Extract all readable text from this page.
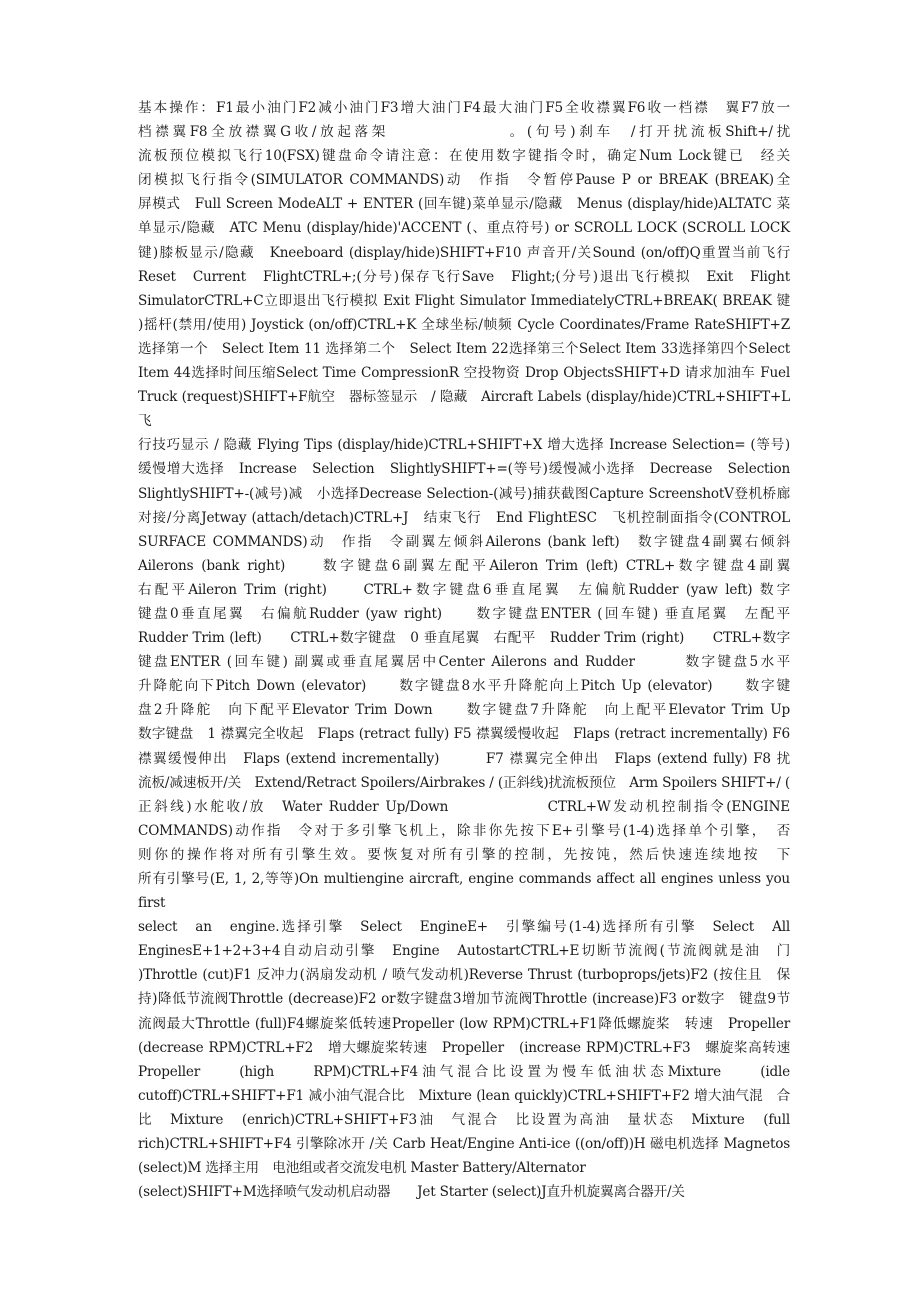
基本操作：F1最小油门F2减小油门F3增大油门F4最大油门F5全收襟翼F6收一档襟　翼F7放一

档襟翼F8全放襟翼G收/放起落架　　　　　　　。(句号)刹车　/打开扰流板Shift+/扰

流板预位模拟飞行10(FSX)键盘命令请注意：在使用数字键指令时，确定Num Lock键已　经关

闭模拟飞行指令(SIMULATOR COMMANDS)动　作指　令暂停Pause P or BREAK (BREAK)全

屏模式　Full Screen ModeALT + ENTER (回车键)菜单显示/隐藏　Menus (display/hide)ALTATC 菜

单显示/隐藏　ATC Menu (display/hide)'ACCENT (、重点符号) or SCROLL LOCK (SCROLL LOCK

键)膝板显示/隐藏　Kneeboard (display/hide)SHIFT+F10 声音开/关Sound (on/off)Q重置当前飞行

Reset　Current　FlightCTRL+;(分号)保存飞行Save　Flight;(分号)退出飞行模拟　Exit　Flight

SimulatorCTRL+C立即退出飞行模拟 Exit Flight Simulator ImmediatelyCTRL+BREAK( BREAK 键

)摇杆(禁用/使用) Joystick (on/off)CTRL+K 全球坐标/帧频 Cycle Coordinates/Frame RateSHIFT+Z

选择第一个　Select Item 11 选择第二个　Select Item 22选择第三个Select Item 33选择第四个Select

Item 44选择时间压缩Select Time CompressionR 空投物资 Drop ObjectsSHIFT+D 请求加油车 Fuel

Truck (request)SHIFT+F航空　器标签显示　/ 隐藏　Aircraft Labels (display/hide)CTRL+SHIFT+L 飞

行技巧显示 / 隐藏 Flying Tips (display/hide)CTRL+SHIFT+X 增大选择 Increase Selection= (等号)

缓慢增大选择　Increase　Selection　SlightlySHIFT+=(等号)缓慢减小选择　Decrease　Selection

SlightlySHIFT+-(减号)减　小选择Decrease Selection-(减号)捕获截图Capture ScreenshotV登机桥廊

对接/分离Jetway (attach/detach)CTRL+J　结束飞行　End FlightESC　飞机控制面指令(CONTROL

SURFACE COMMANDS)动　作指　令副翼左倾斜Ailerons (bank left)　数字键盘4副翼右倾斜

Ailerons (bank right)　　数字键盘6副翼左配平Aileron Trim (left) CTRL+数字键盘4副翼

右配平Aileron Trim (right)　　CTRL+数字键盘6垂直尾翼　左偏航Rudder (yaw left) 数字

键盘0垂直尾翼　右偏航Rudder (yaw right)　　数字键盘ENTER (回车键) 垂直尾翼　左配平

Rudder Trim (left)　　CTRL+数字键盘　0 垂直尾翼　右配平　Rudder Trim (right)　　CTRL+数字

键盘ENTER (回车键) 副翼或垂直尾翼居中Center Ailerons and Rudder　　　数字键盘5水平

升降舵向下Pitch Down (elevator)　　数字键盘8水平升降舵向上Pitch Up (elevator)　　数字键

盘2升降舵　向下配平Elevator Trim Down　　数字键盘7升降舵　向上配平Elevator Trim Up

数字键盘　1 襟翼完全收起　Flaps (retract fully) F5 襟翼缓慢收起　Flaps (retract incrementally) F6

襟翼缓慢伸出　Flaps (extend incrementally)　　　F7 襟翼完全伸出　Flaps (extend fully) F8 扰

流板/减速板开/关　Extend/Retract Spoilers/Airbrakes / (正斜线)扰流板预位　Arm Spoilers SHIFT+/ (

正斜线)水舵收/放　Water Rudder Up/Down　　　　　　CTRL+W发动机控制指令(ENGINE

COMMANDS)动作指　令对于多引擎飞机上，除非你先按下E+引擎号(1-4)选择单个引擎，　否

则你的操作将对所有引擎生效。要恢复对所有引擎的控制，先按饨，然后快速连续地按　下

所有引擎号(E, 1, 2,等等)On multiengine aircraft, engine commands affect all engines unless you first

select　an　engine.选择引擎　Select　EngineE+　引擎编号(1-4)选择所有引擎　Select　All

EnginesE+1+2+3+4自动启动引擎　Engine　AutostartCTRL+E切断节流阀(节流阀就是油　门

)Throttle (cut)F1 反冲力(涡扇发动机 / 喷气发动机)Reverse Thrust (turboprops/jets)F2 (按住且　保

持)降低节流阀Throttle (decrease)F2 or数字键盘3增加节流阀Throttle (increase)F3 or数字　键盘9节

流阀最大Throttle (full)F4螺旋桨低转速Propeller (low RPM)CTRL+F1降低螺旋桨　转速　Propeller

(decrease RPM)CTRL+F2　增大螺旋桨转速　Propeller　(increase RPM)CTRL+F3　螺旋桨高转速

Propeller　　(high　　RPM)CTRL+F4油气混合比设置为慢车低油状态Mixture　　(idle

cutoff)CTRL+SHIFT+F1 减小油气混合比　Mixture (lean quickly)CTRL+SHIFT+F2 增大油气混　合

比　Mixture　(enrich)CTRL+SHIFT+F3油　气混合　比设置为高油　量状态　Mixture　(full

rich)CTRL+SHIFT+F4 引擎除冰开 /关 Carb Heat/Engine Anti-ice ((on/off))H 磁电机选择 Magnetos

(select)M 选择主用　电池组或者交流发电机 Master Battery/Alternator

(select)SHIFT+M选择喷气发动机启动器　　Jet Starter (select)J直升机旋翼离合器开/关
